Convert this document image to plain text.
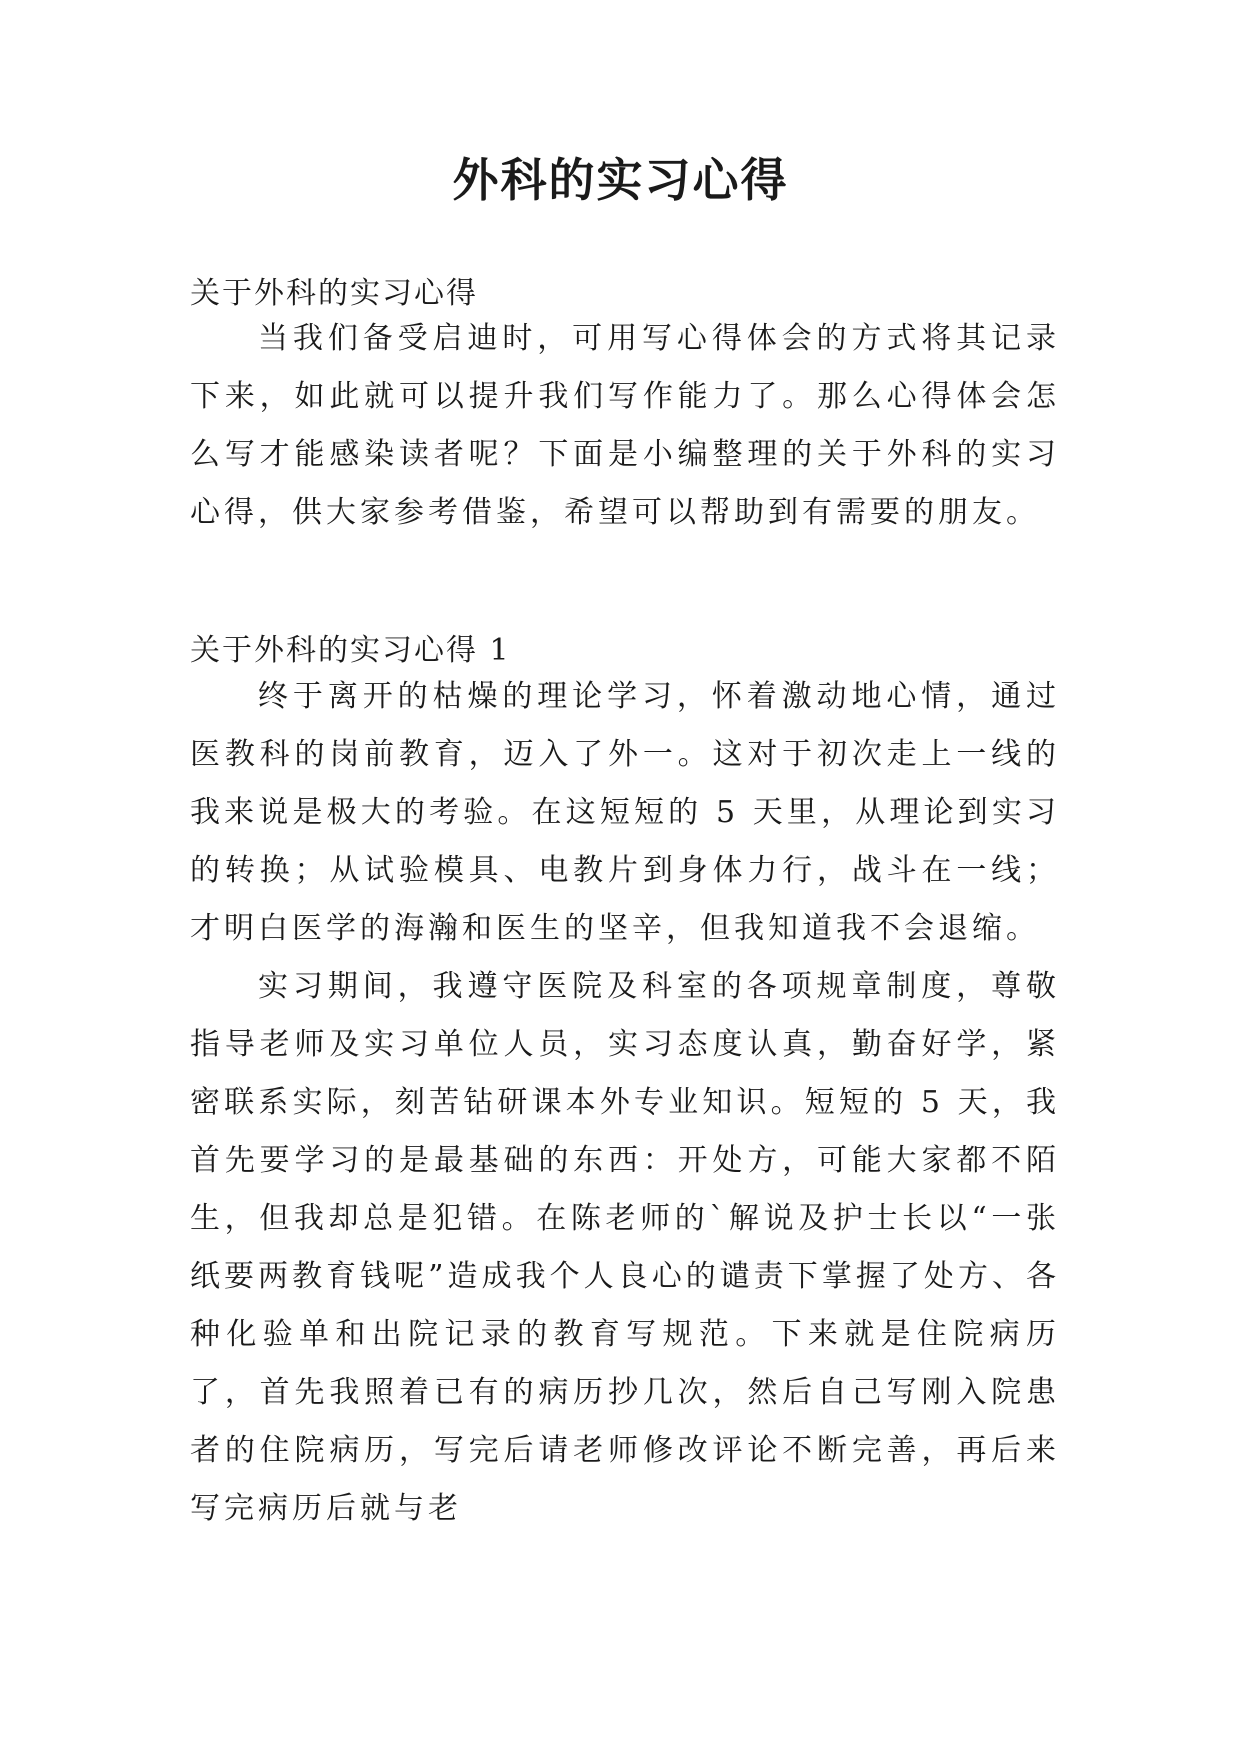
外科的实习心得
关于外科的实习心得

当我们备受启迪时，可用写心得体会的方式将其记录下来，如此就可以提升我们写作能力了。那么心得体会怎么写才能感染读者呢？下面是小编整理的关于外科的实习心得，供大家参考借鉴，希望可以帮助到有需要的朋友。

关于外科的实习心得 1

终于离开的枯燥的理论学习，怀着激动地心情，通过医教科的岗前教育，迈入了外一。这对于初次走上一线的我来说是极大的考验。在这短短的 5 天里，从理论到实习的转换；从试验模具、电教片到身体力行，战斗在一线；才明白医学的海瀚和医生的坚辛，但我知道我不会退缩。

实习期间，我遵守医院及科室的各项规章制度，尊敬指导老师及实习单位人员，实习态度认真，勤奋好学，紧密联系实际，刻苦钻研课本外专业知识。短短的 5 天，我首先要学习的是最基础的东西：开处方，可能大家都不陌生，但我却总是犯错。在陈老师的`解说及护士长以“一张纸要两教育钱呢”造成我个人良心的谴责下掌握了处方、各种化验单和出院记录的教育写规范。下来就是住院病历了，首先我照着已有的病历抄几次，然后自己写刚入院患者的住院病历，写完后请老师修改评论不断完善，再后来写完病历后就与老
